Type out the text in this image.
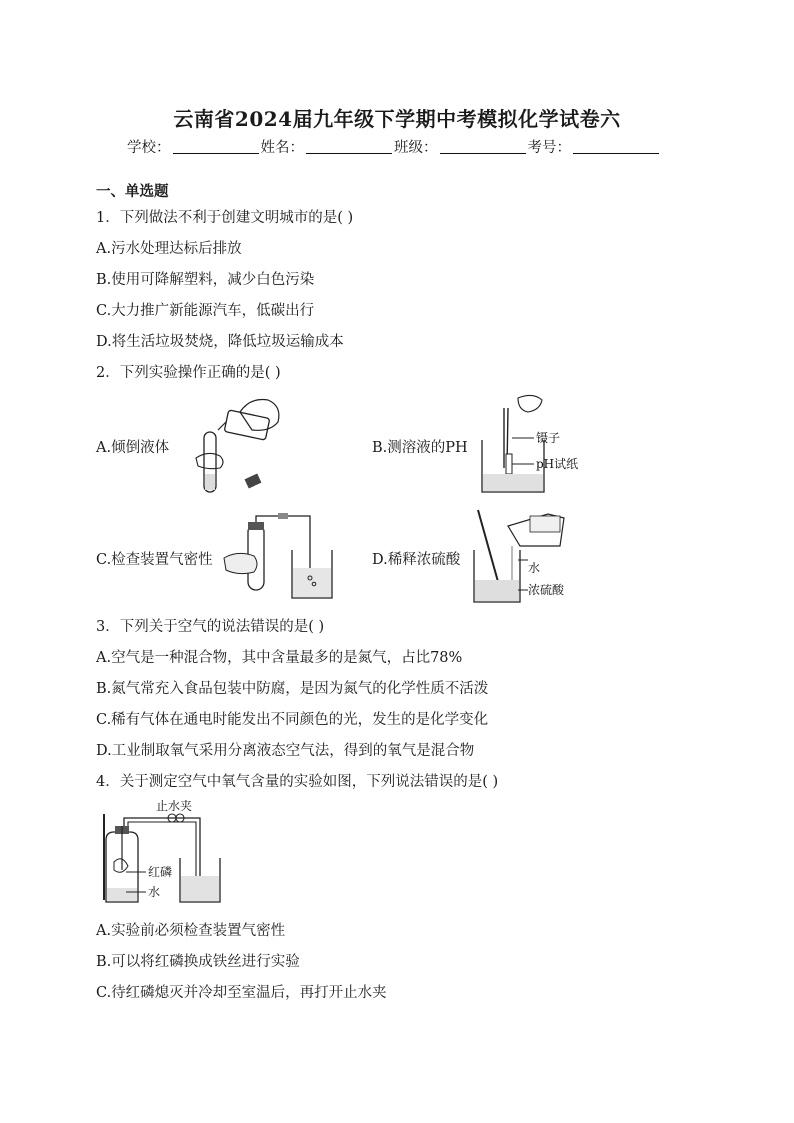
云南省2024届九年级下学期中考模拟化学试卷六
学校：	姓名：	班级：	考号：
一、单选题
1．下列做法不利于创建文明城市的是( )
A.污水处理达标后排放
B.使用可降解塑料，减少白色污染
C.大力推广新能源汽车，低碳出行
D.将生活垃圾焚烧，降低垃圾运输成本
2．下列实验操作正确的是( )
A.倾倒液体	B.测溶液的PH
镊子
pH试纸
C.检查装置气密性	D.稀释浓硫酸	水
浓硫酸
3．下列关于空气的说法错误的是( )
A.空气是一种混合物，其中含量最多的是氮气，占比78%
B.氮气常充入食品包装中防腐，是因为氮气的化学性质不活泼
C.稀有气体在通电时能发出不同颜色的光，发生的是化学变化
D.工业制取氧气采用分离液态空气法，得到的氧气是混合物
4．关于测定空气中氧气含量的实验如图，下列说法错误的是( )
止水夹
红磷
水
A.实验前必须检查装置气密性
B.可以将红磷换成铁丝进行实验
C.待红磷熄灭并冷却至室温后，再打开止水夹
